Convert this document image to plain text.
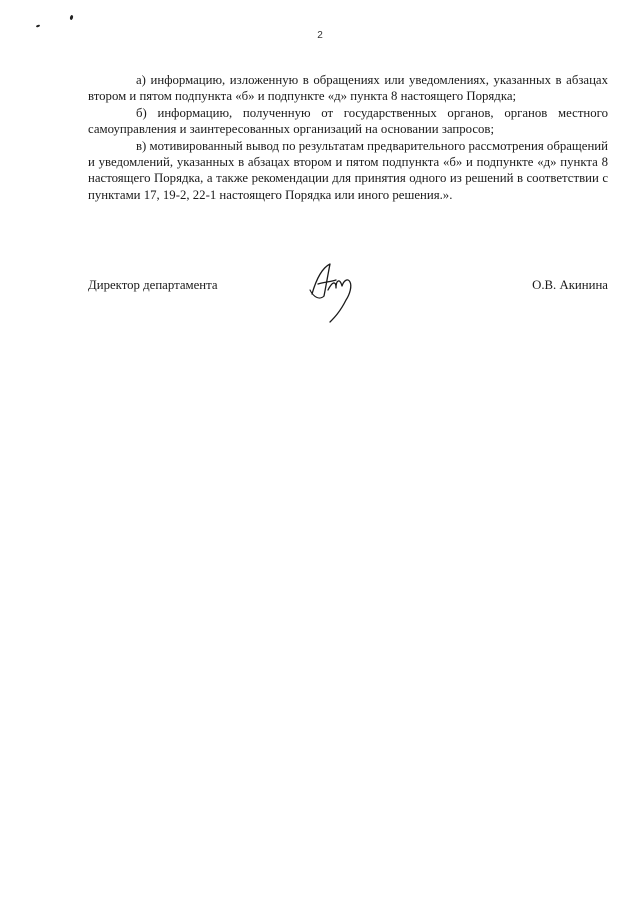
2

а) информацию, изложенную в обращениях или уведомлениях, указанных в абзацах втором и пятом подпункта «б» и подпункте «д» пункта 8 настоящего Порядка;

б) информацию, полученную от государственных органов, органов местного самоуправления и заинтересованных организаций на основании запросов;

в) мотивированный вывод по результатам предварительного рассмотрения обращений и уведомлений, указанных в абзацах втором и пятом подпункта «б» и подпункте «д» пункта 8 настоящего Порядка, а также рекомендации для принятия одного из решений в соответствии с пунктами 17, 19-2, 22-1 настоящего Порядка или иного решения.».

Директор департамента	О.В. Акинина
